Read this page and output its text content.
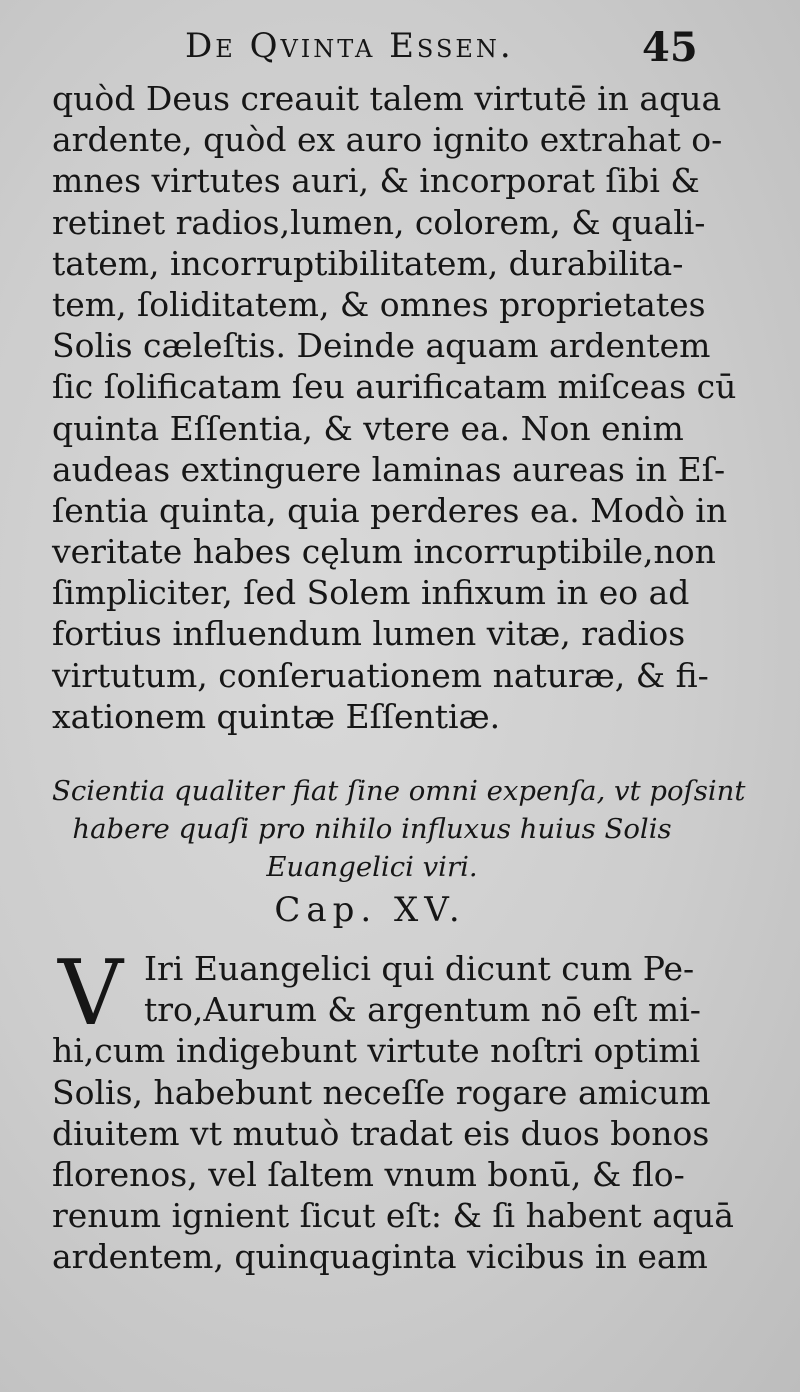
De Qvinta Essen.	45
quòd Deus creauit talem virtutē in aqua
ardente, quòd ex auro ignito extrahat o-
mnes virtutes auri, & incorporat ſibi &
retinet radios,lumen, colorem, & quali-
tatem, incorruptibilitatem, durabilita-
tem, ſoliditatem, & omnes proprietates
Solis cæleſtis. Deinde aquam ardentem
ſic ſolificatam ſeu aurificatam miſceas cū
quinta Eſſentia, & vtere ea. Non enim
audeas extinguere laminas aureas in Eſ-
ſentia quinta, quia perderes ea. Modò in
veritate habes cęlum incorruptibile,non
ſimpliciter, ſed Solem infixum in eo ad
fortius influendum lumen vitæ, radios
virtutum, conſeruationem naturæ, & fi-
xationem quintæ Eſſentiæ.
Scientia qualiter fiat ſine omni expenſa, vt poſsint
habere quaſi pro nihilo influxus huius Solis
Euangelici viri.
Cap. XV.
V Iri Euangelici qui dicunt cum Pe-
tro,Aurum & argentum nō eſt mi-
hi,cum indigebunt virtute noſtri optimi
Solis, habebunt neceſſe rogare amicum
diuitem vt mutuò tradat eis duos bonos
florenos, vel ſaltem vnum bonū, & flo-
renum ignient ſicut eſt: & ſi habent aquā
ardentem, quinquaginta vicibus in eam
